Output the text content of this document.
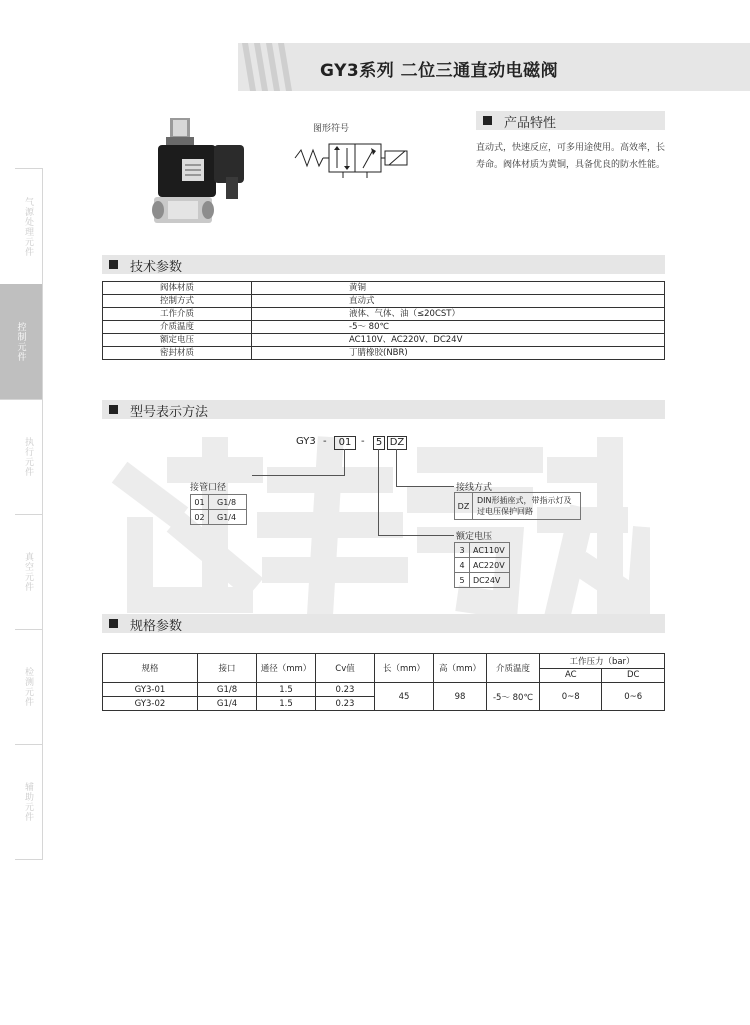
GY3系列 二位三通直动电磁阀
气源处理元件
控制元件
执行元件
真空元件
检测元件
辅助元件
图形符号	产品特性
直动式，快速反应，可多用途使用。高效率，长寿命。阀体材质为黄铜，具备优良的防水性能。
技术参数
阀体材质	黄铜
控制方式	直动式
工作介质	液体、气体、油（≤20CST）
介质温度	-5～ 80℃
额定电压	AC110V、AC220V、DC24V
密封材质	丁腈橡胶(NBR)
型号表示方法
GY3 -	01 - 5 DZ
接管口径
01	G1/8
02	G1/4
接线方式
DZ	DIN形插座式，带指示灯及过电压保护回路
额定电压
3	AC110V
4	AC220V
5	DC24V
规格参数
规格	接口	通径（mm）	Cv值	长（mm）	高（mm）	介质温度	工作压力（bar）	
							AC	DC
GY3-01	G1/8	1.5	0.23	45	98	-5～ 80℃	0~8	0~6
GY3-02	G1/4	1.5	0.23					
